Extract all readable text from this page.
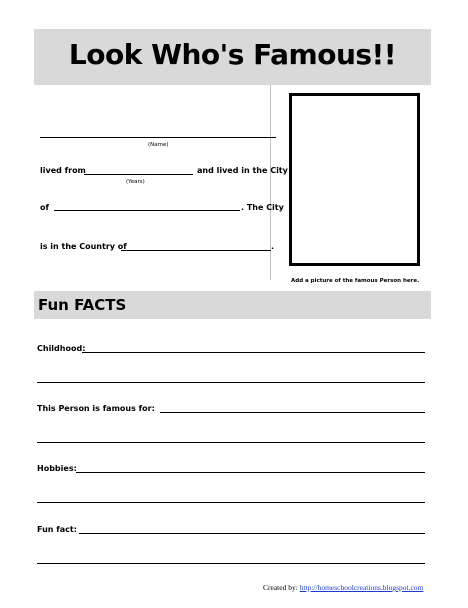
Look Who's Famous!!
(Name)
lived from	and lived in the City
(Years)
of	. The City
is in the Country of	.
Add a picture of the famous Person here.
Fun FACTS
Childhood:
This Person is famous for:
Hobbies:
Fun fact:
Created by: http://homeschoolcreations.blogspot.com
